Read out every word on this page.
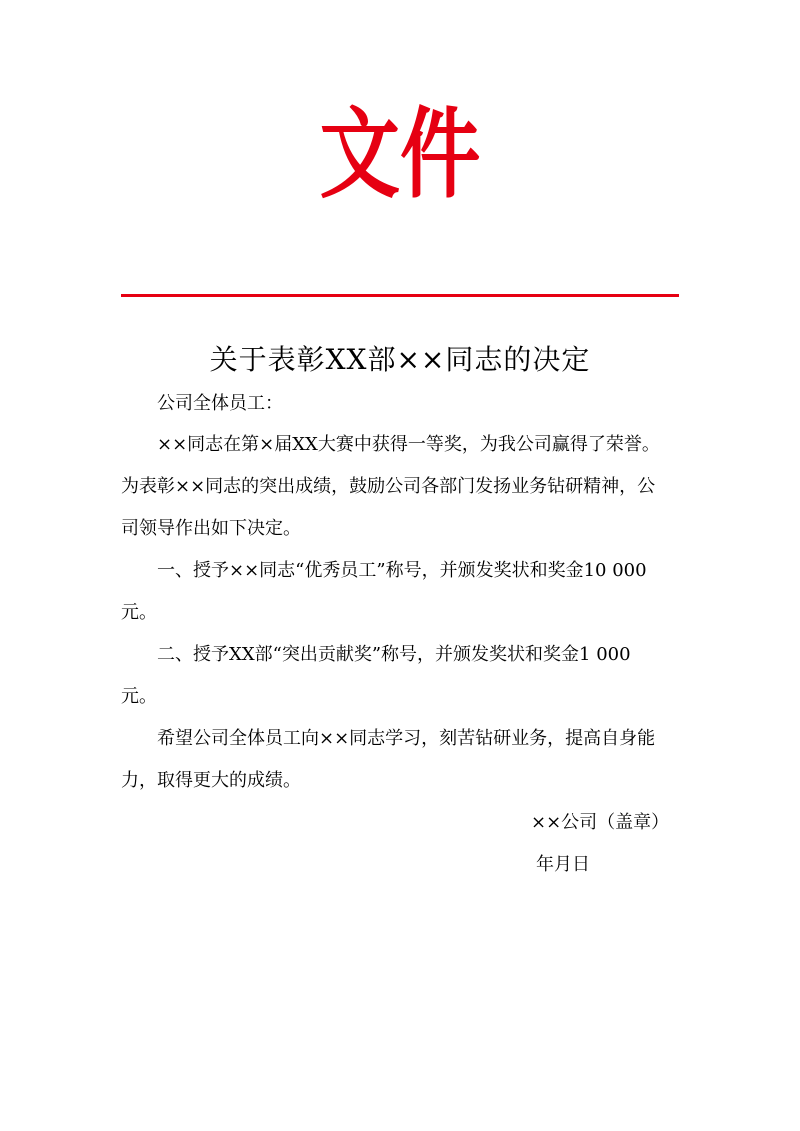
文件
关于表彰XX部××同志的决定
公司全体员工：
××同志在第×届XX大赛中获得一等奖，为我公司赢得了荣誉。
为表彰××同志的突出成绩，鼓励公司各部门发扬业务钻研精神，公
司领导作出如下决定。
一、授予××同志“优秀员工”称号，并颁发奖状和奖金10 000
元。
二、授予XX部“突出贡献奖”称号，并颁发奖状和奖金1 000
元。
希望公司全体员工向××同志学习，刻苦钻研业务，提高自身能
力，取得更大的成绩。
××公司（盖章）
年月日
